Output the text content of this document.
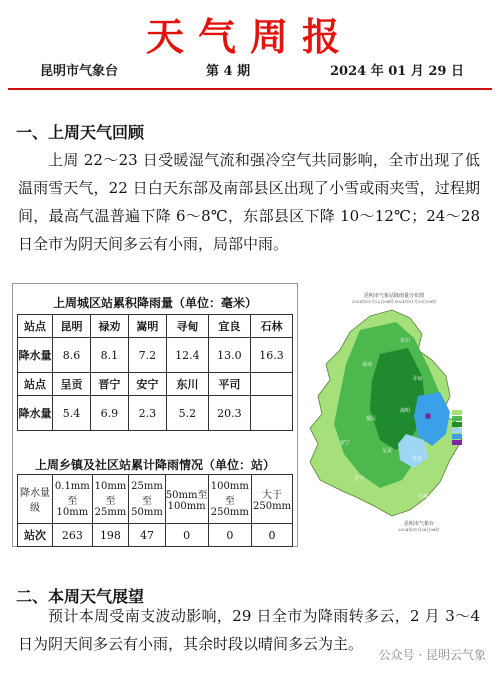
天气周报
昆明市气象台	第 4 期	2024 年 01 月 29 日
一、上周天气回顾
上周 22～23 日受暖湿气流和强冷空气共同影响，全市出现了低温雨雪天气，22 日白天东部及南部县区出现了小雪或雨夹雪，过程期间，最高气温普遍下降 6～8℃，东部县区下降 10～12℃；24～28 日全市为阴天间多云有小雨，局部中雨。
上周城区站累积降雨量（单位：毫米）
站点	昆明	禄劝	嵩明	寻甸	宜良	石林
降水量	8.6	8.1	7.2	12.4	13.0	16.3
站点	呈贡	晋宁	安宁	东川	平司	
降水量	5.4	6.9	2.3	5.2	20.3	
上周乡镇及社区站累计降雨情况（单位：站）
降水量级	0.1mm至10mm	10mm至25mm	25mm至50mm	50mm至100mm	100mm至250mm	大于250mm
站次	263	198	47	0	0	0
昆明市气象站降雨量分布图
2024年01月22日08时-2024年01月29日08时
东川
寻甸
禄劝
嵩明
富民
安宁
晋宁
呈贡
宜良
石林
昆明市气象台
2024年01月28日08时
二、本周天气展望
预计本周受南支波动影响，29 日全市为降雨转多云，2 月 3～4 日为阴天间多云有小雨，其余时段以晴间多云为主。
公众号 · 昆明云气象
